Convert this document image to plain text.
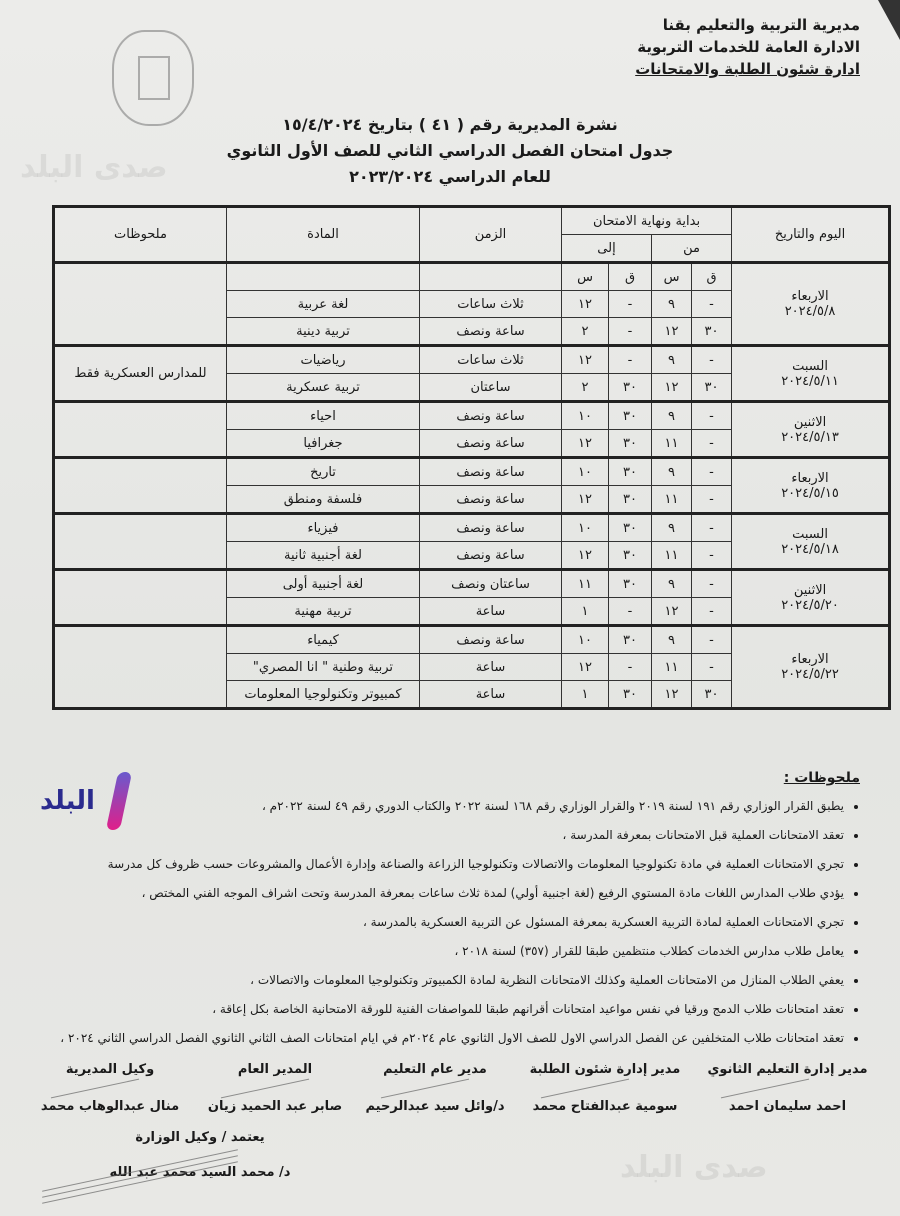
مديرية التربية والتعليم بقنا
الادارة العامة للخدمات التربوية
ادارة شئون الطلبة والامتحانات
نشرة المديرية رقم ( ٤١ ) بتاريخ ١٥/٤/٢٠٢٤
جدول امتحان الفصل الدراسي الثاني للصف الأول الثانوي
للعام الدراسي ٢٠٢٣/٢٠٢٤
صدى البلد
صدى البلد
اليوم والتاريخ	بداية ونهاية الامتحان				الزمن	المادة	ملحوظات
	من		إلى				

الاربعاء
٢٠٢٤/٥/٨	ق	س	ق	س			
	-	٩	-	١٢	ثلاث ساعات	لغة عربية	
	٣٠	١٢	-	٢	ساعة ونصف	تربية دينية	

السبت
٢٠٢٤/٥/١١	-	٩	-	١٢	ثلاث ساعات	رياضيات	للمدارس العسكرية فقط
	٣٠	١٢	٣٠	٢	ساعتان	تربية عسكرية	

الاثنين
٢٠٢٤/٥/١٣	-	٩	٣٠	١٠	ساعة ونصف	احياء	
	-	١١	٣٠	١٢	ساعة ونصف	جغرافيا	

الاربعاء
٢٠٢٤/٥/١٥	-	٩	٣٠	١٠	ساعة ونصف	تاريخ	
	-	١١	٣٠	١٢	ساعة ونصف	فلسفة ومنطق	

السبت
٢٠٢٤/٥/١٨	-	٩	٣٠	١٠	ساعة ونصف	فيزياء	
	-	١١	٣٠	١٢	ساعة ونصف	لغة أجنبية ثانية	

الاثنين
٢٠٢٤/٥/٢٠	-	٩	٣٠	١١	ساعتان ونصف	لغة أجنبية أولى	
	-	١٢	-	١	ساعة	تربية مهنية	

الاربعاء
٢٠٢٤/٥/٢٢	-	٩	٣٠	١٠	ساعة ونصف	كيمياء	
	-	١١	-	١٢	ساعة	تربية وطنية " انا المصري"	
	٣٠	١٢	٣٠	١	ساعة	كمبيوتر وتكنولوجيا المعلومات	
البلد
ملحوظات :
• يطبق القرار الوزاري رقم ١٩١ لسنة ٢٠١٩ والقرار الوزاري رقم ١٦٨ لسنة ٢٠٢٢ والكتاب الدوري رقم ٤٩ لسنة ٢٠٢٢م ،
• تعقد الامتحانات العملية قبل الامتحانات بمعرفة المدرسة ،
• تجري الامتحانات العملية في مادة تكنولوجيا المعلومات والاتصالات وتكنولوجيا الزراعة والصناعة وإدارة الأعمال والمشروعات حسب ظروف كل مدرسة
• يؤدي طلاب المدارس اللغات مادة المستوي الرفيع (لغة اجنبية أولي) لمدة ثلاث ساعات بمعرفة المدرسة وتحت اشراف الموجه الفني المختص ،
• تجري الامتحانات العملية لمادة التربية العسكرية بمعرفة المسئول عن التربية العسكرية بالمدرسة ،
• يعامل طلاب مدارس الخدمات كطلاب منتظمين طبقا للقرار (٣٥٧) لسنة ٢٠١٨ ،
• يعفي الطلاب المنازل من الامتحانات العملية وكذلك الامتحانات النظرية لمادة الكمبيوتر وتكنولوجيا المعلومات والاتصالات ،
• تعقد امتحانات طلاب الدمج ورقيا في نفس مواعيد امتحانات أقرانهم طبقا للمواصفات الفنية للورقة الامتحانية الخاصة بكل إعاقة ،
• تعقد امتحانات طلاب المتخلفين عن الفصل الدراسي الاول للصف الاول الثانوي عام ٢٠٢٤م في ايام امتحانات الصف الثاني الثانوي الفصل الدراسي الثاني ٢٠٢٤ ،
مدير إدارة التعليم الثانوي
احمد سليمان احمد
مدير إدارة شئون الطلبة
سومية عبدالفتاح محمد
مدير عام التعليم
د/وائل سيد عبدالرحيم
المدير العام
صابر عبد الحميد زيان
وكيل المديرية
منال عبدالوهاب محمد
يعتمد / وكيل الوزارة
د/ محمد السيد محمد عبد الله
